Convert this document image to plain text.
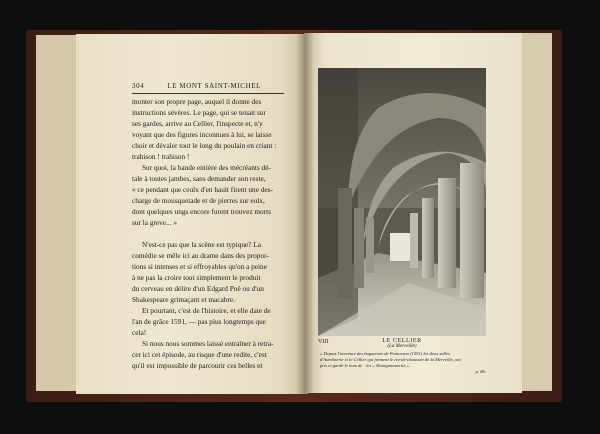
304	LE MONT SAINT-MICHEL
monter son propre page, auquel il donne des
instructions sévères. Le page, qui se tenait sur
ses gardes, arrive au Cellier, l'inspecte et, n'y
voyant que des figures inconnues à lui, se laisse
choir et dévaler tout le long du poulain en criant :
trahison ! trahison !
Sur quoi, la bande entière des mécréants dé-
tale à toutes jambes, sans demander son reste,
« ce pendant que ceulx d'en hault firent une des-
charge de mousquetade et de pierres sur eulx,
dont quelques ungs encore furent trouvez morts
sur la greve... »
N'est-ce pas que la scène est typique? La
comédie se mêle ici au drame dans des propor-
tions si intenses et si effroyables qu'on a peine
à ne pas la croire tout simplement le produit
du cerveau en délire d'un Edgard Poë ou d'un
Shakespeare grimaçant et macabre.
Et pourtant, c'est de l'histoire, et elle date de
l'an de grâce 1591, — pas plus longtemps que
cela!
Si nous nous sommes laissé entraîner à retra-
cer ici cet épisode, au risque d'une redite, c'est
qu'il est impossible de parcourir ces belles et
VIII	LE CELLIER
(La Merveille)
« Depuis l'aventure des huguenots de Pontorson (1591) les deux salles
d'Aumônerie et le Cellier qui forment le rez-de-chaussée de la Merveille, ont
pris et gardé le nom de : les « Montgommeries ».
p. 86.
